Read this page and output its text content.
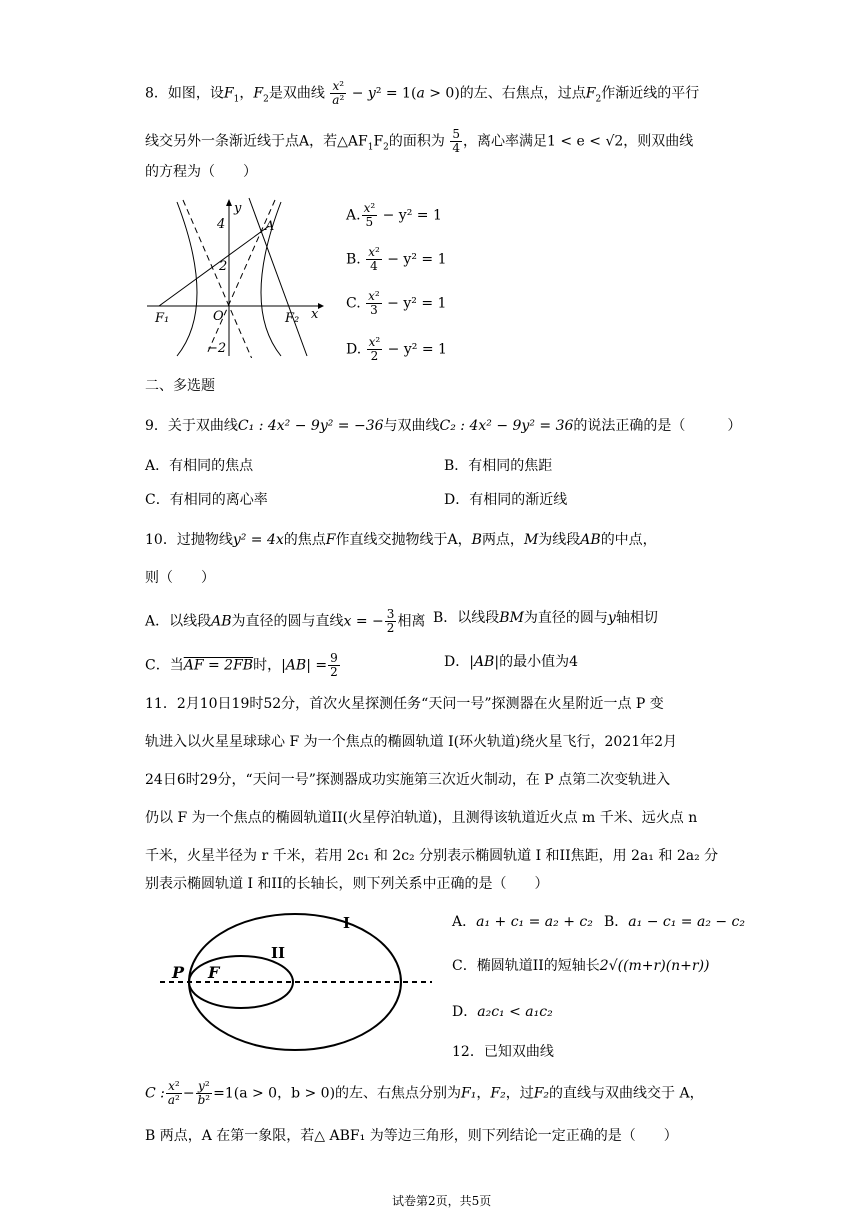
8．如图，设$F_1$，$F_2$是双曲线 $\frac{\text{x²}}{\text{a²}} - y^2 = 1(a > 0)$的左、右焦点，过点$F_2$作渐近线的平行
线交另外一条渐近线于点A，若$\triangle AF_1F_2$的面积为 $\frac{5}{4}$ ，离心率满足1 < e < √2，则双曲线
的方程为（　　）
y
x
4
2
−2
O
A
F₁	F₂
A. $\frac{\text{x²}}{5} - y^2 = 1$
B. $\frac{\text{x²}}{4} - y^2 = 1$
C. $\frac{\text{x²}}{3} - y^2 = 1$
D. $\frac{\text{x²}}{2} - y^2 = 1$
二、多选题
9．关于双曲线C₁ : 4x² − 9y² = −36与双曲线C₂ : 4x² − 9y² = 36的说法正确的是（　　　）
A．有相同的焦点	B．有相同的焦距
C．有相同的离心率	D．有相同的渐近线
10．过抛物线y² = 4x的焦点F作直线交抛物线于A，B两点，M为线段AB的中点，
则（　　）
A．以线段AB为直径的圆与直线x = − $\frac{3}{2}$ 相离 B．以线段BM为直径的圆与y轴相切
C．当AF = 2FB时，$|AB| = \frac{9}{2}$	D．|AB|的最小值为4
11．2月10日19时52分，首次火星探测任务“天问一号”探测器在火星附近一点 P 变
轨进入以火星星球球心 F 为一个焦点的椭圆轨道 I(环火轨道)绕火星飞行，2021年2月
24日6时29分，“天问一号”探测器成功实施第三次近火制动，在 P 点第二次变轨进入
仍以 F 为一个焦点的椭圆轨道II(火星停泊轨道)，且测得该轨道近火点 m 千米、远火点 n
千米，火星半径为 r 千米，若用 2c₁ 和 2c₂ 分别表示椭圆轨道 I 和II焦距，用 2a₁ 和 2a₂ 分
别表示椭圆轨道 I 和II的长轴长，则下列关系中正确的是（　　）
I
II
P F
A．a₁ + c₁ = a₂ + c₂ B．a₁ − c₁ = a₂ − c₂
C．椭圆轨道II的短轴长2√((m+r)(n+r))
D．a₂c₁ < a₁c₂
12．已知双曲线
C : $\frac{\text{x²}}{\text{a²}} - \frac{\text{y²}}{\text{b²}} =1(a > 0$，b > 0)的左、右焦点分别为F₁，F₂，过F₂的直线与双曲线交于 A，
B 两点，A 在第一象限，若△ ABF₁ 为等边三角形，则下列结论一定正确的是（　　）
试卷第2页，共5页
